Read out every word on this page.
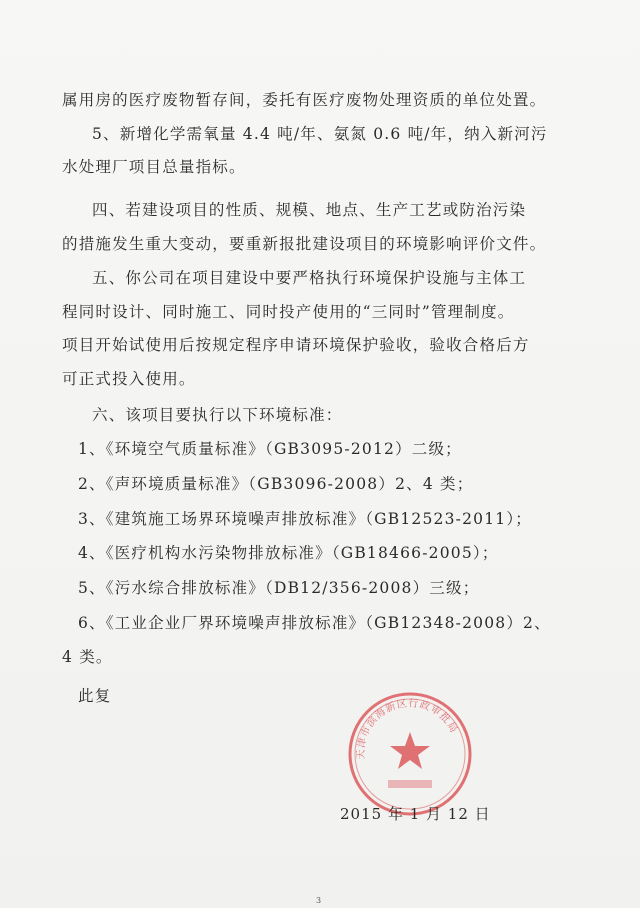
属用房的医疗废物暂存间，委托有医疗废物处理资质的单位处置。

5、新增化学需氧量 4.4 吨/年、氨氮 0.6 吨/年，纳入新河污

水处理厂项目总量指标。

四、若建设项目的性质、规模、地点、生产工艺或防治污染

的措施发生重大变动，要重新报批建设项目的环境影响评价文件。

五、你公司在项目建设中要严格执行环境保护设施与主体工

程同时设计、同时施工、同时投产使用的“三同时”管理制度。

项目开始试使用后按规定程序申请环境保护验收，验收合格后方

可正式投入使用。

六、该项目要执行以下环境标准：

1、《环境空气质量标准》（GB3095-2012）二级；

2、《声环境质量标准》（GB3096-2008）2、4 类；

3、《建筑施工场界环境噪声排放标准》（GB12523-2011）；

4、《医疗机构水污染物排放标准》（GB18466-2005）；

5、《污水综合排放标准》（DB12/356-2008）三级；

6、《工业企业厂界环境噪声排放标准》（GB12348-2008）2、

4 类。

此复

天津市滨海新区行政审批局

2015 年 1 月 12 日

3
